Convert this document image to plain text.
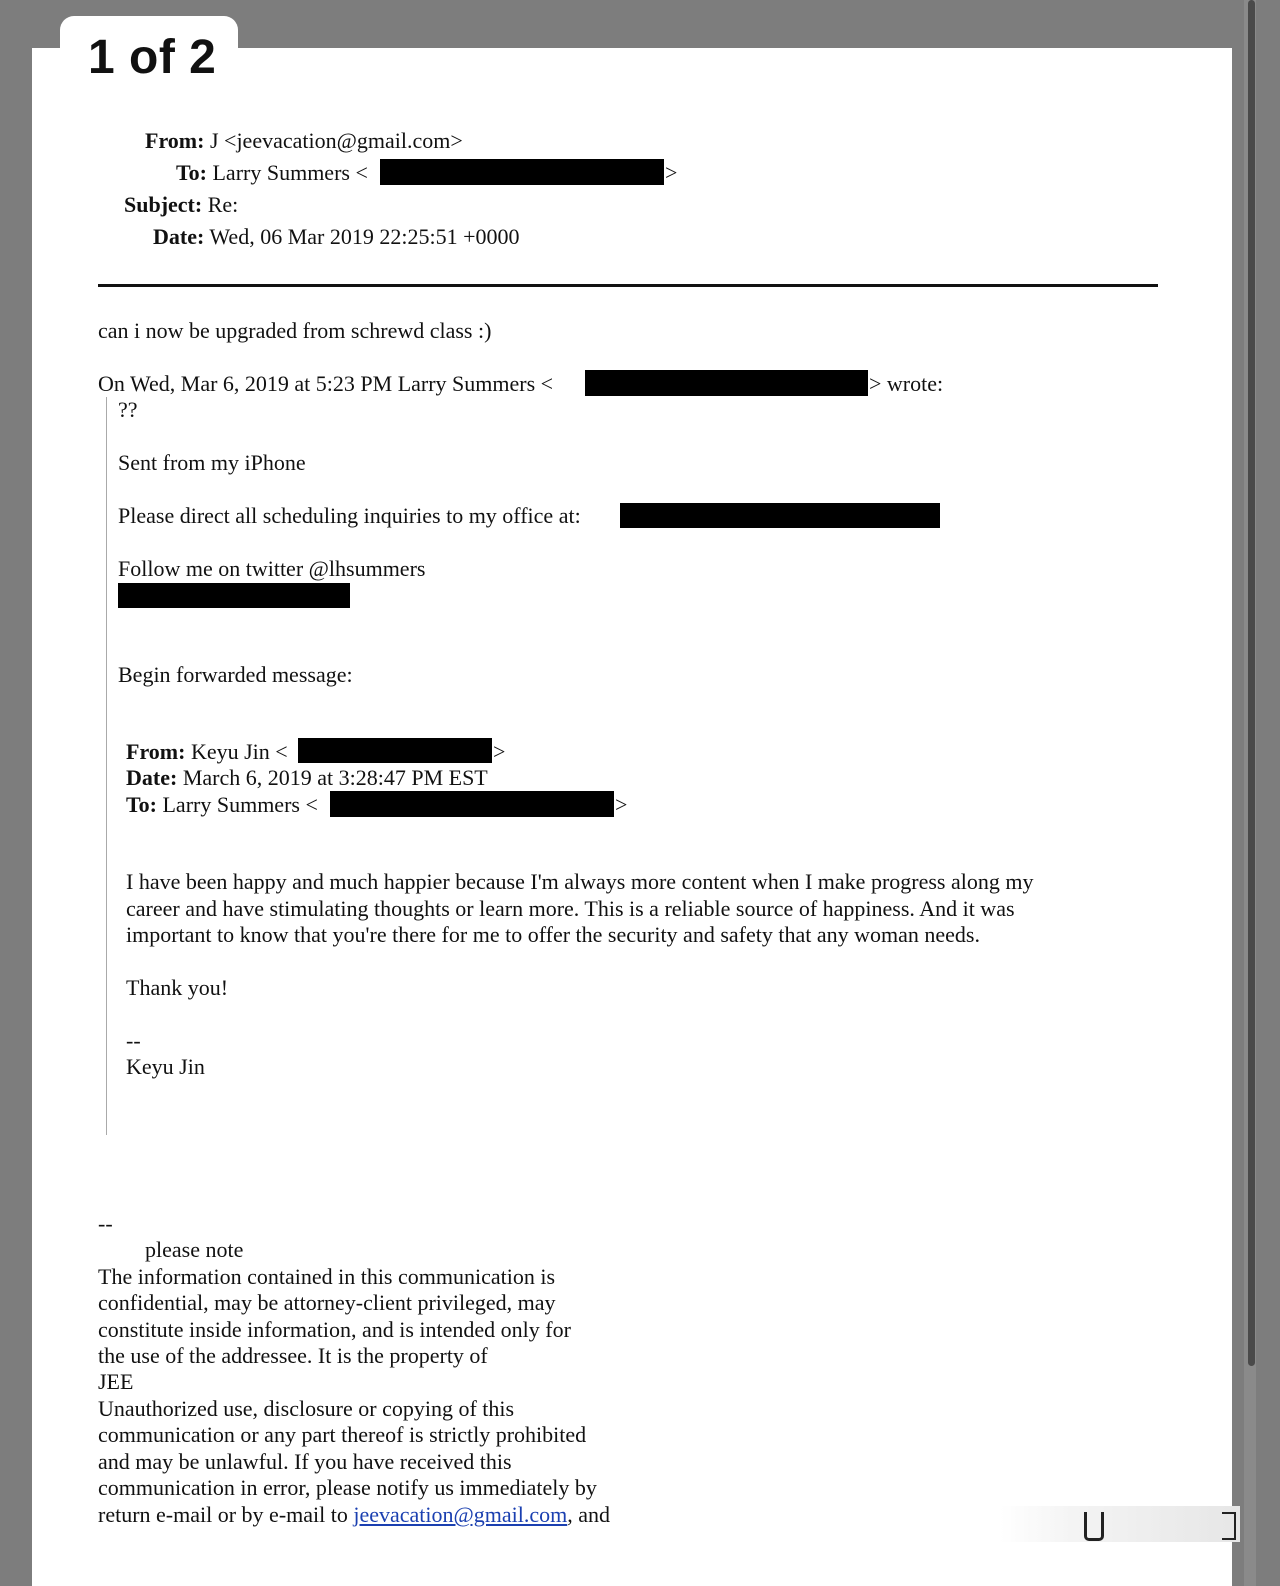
1 of 2
From: J <jeevacation@gmail.com>
To: Larry Summers <	>
Subject: Re:
Date: Wed, 06 Mar 2019 22:25:51 +0000
can i now be upgraded from schrewd class :)
On Wed, Mar 6, 2019 at 5:23 PM Larry Summers <	> wrote:
??
Sent from my iPhone
Please direct all scheduling inquiries to my office at:
Follow me on twitter @lhsummers
Begin forwarded message:
From: Keyu Jin <	>
Date: March 6, 2019 at 3:28:47 PM EST
To: Larry Summers <	>
I have been happy and much happier because I'm always more content when I make progress along my
career and have stimulating thoughts or learn more. This is a reliable source of happiness. And it was
important to know that you're there for me to offer the security and safety that any woman needs.
Thank you!
--
Keyu Jin
--
please note
The information contained in this communication is
confidential, may be attorney-client privileged, may
constitute inside information, and is intended only for
the use of the addressee. It is the property of
JEE
Unauthorized use, disclosure or copying of this
communication or any part thereof is strictly prohibited
and may be unlawful. If you have received this
communication in error, please notify us immediately by
return e-mail or by e-mail to jeevacation@gmail.com, and
